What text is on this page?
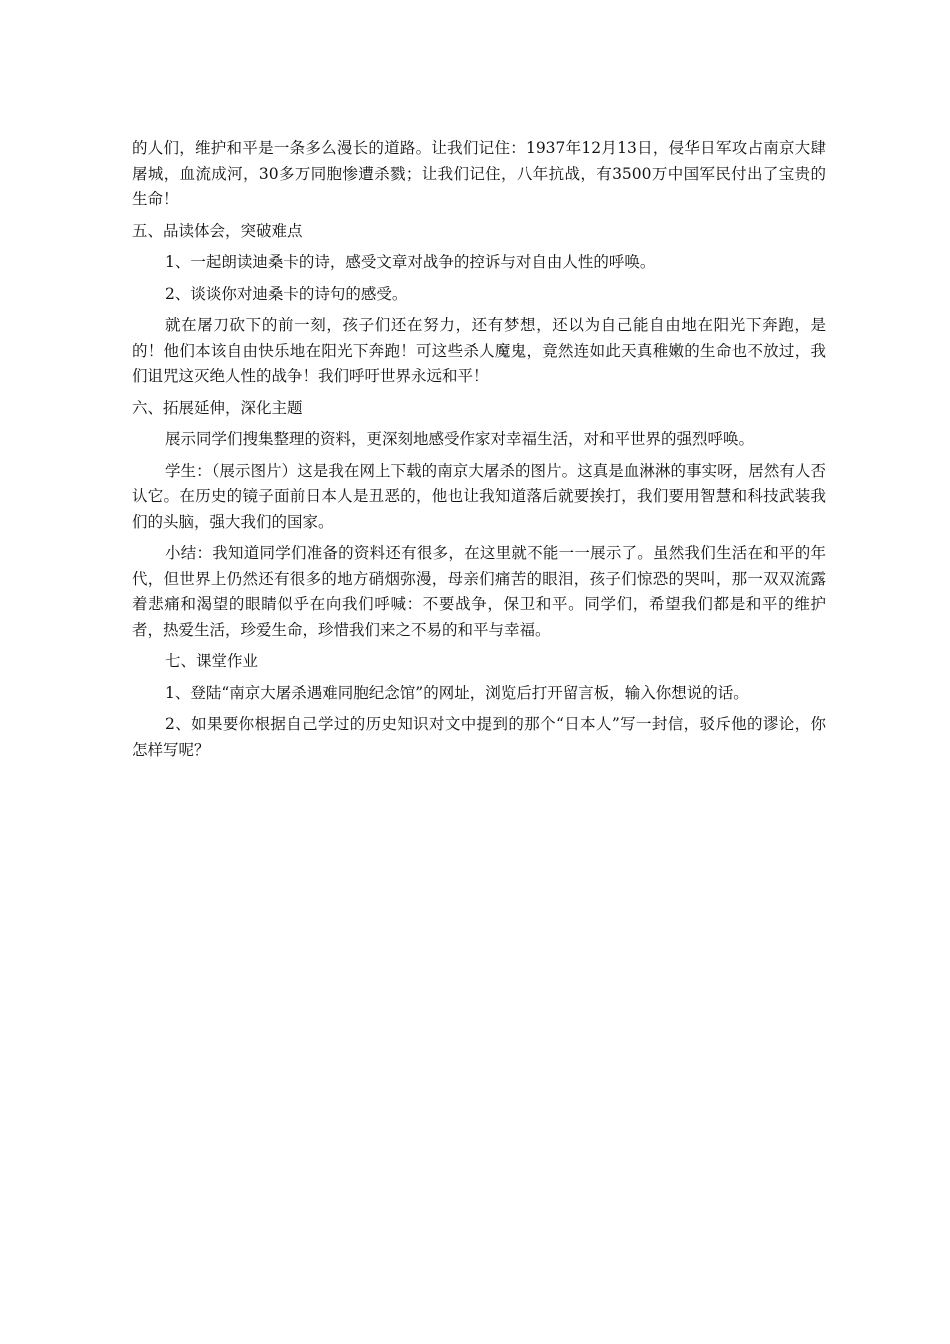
的人们，维护和平是一条多么漫长的道路。让我们记住：1937年12月13日，侵华日军攻占南京大肆屠城，血流成河，30多万同胞惨遭杀戮；让我们记住，八年抗战，有3500万中国军民付出了宝贵的生命！

五、品读体会，突破难点

1、一起朗读迪桑卡的诗，感受文章对战争的控诉与对自由人性的呼唤。

2、谈谈你对迪桑卡的诗句的感受。

就在屠刀砍下的前一刻，孩子们还在努力，还有梦想，还以为自己能自由地在阳光下奔跑，是的！他们本该自由快乐地在阳光下奔跑！可这些杀人魔鬼，竟然连如此天真稚嫩的生命也不放过，我们诅咒这灭绝人性的战争！我们呼吁世界永远和平！

六、拓展延伸，深化主题

展示同学们搜集整理的资料，更深刻地感受作家对幸福生活，对和平世界的强烈呼唤。

学生：（展示图片）这是我在网上下载的南京大屠杀的图片。这真是血淋淋的事实呀，居然有人否认它。在历史的镜子面前日本人是丑恶的，他也让我知道落后就要挨打，我们要用智慧和科技武装我们的头脑，强大我们的国家。

小结：我知道同学们准备的资料还有很多，在这里就不能一一展示了。虽然我们生活在和平的年代，但世界上仍然还有很多的地方硝烟弥漫，母亲们痛苦的眼泪，孩子们惊恐的哭叫，那一双双流露着悲痛和渴望的眼睛似乎在向我们呼喊：不要战争，保卫和平。同学们，希望我们都是和平的维护者，热爱生活，珍爱生命，珍惜我们来之不易的和平与幸福。

七、课堂作业

1、登陆“南京大屠杀遇难同胞纪念馆”的网址，浏览后打开留言板，输入你想说的话。

2、如果要你根据自己学过的历史知识对文中提到的那个“日本人”写一封信，驳斥他的谬论，你怎样写呢？
